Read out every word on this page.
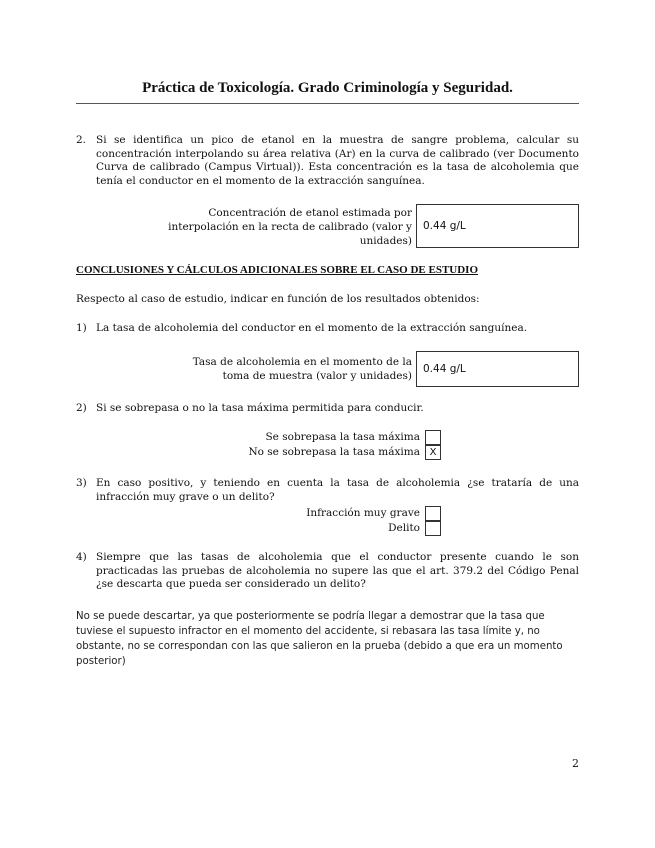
Práctica de Toxicología. Grado Criminología y Seguridad.
2. Si se identifica un pico de etanol en la muestra de sangre problema, calcular su concentración interpolando su área relativa (Ar) en la curva de calibrado (ver Documento Curva de calibrado (Campus Virtual)). Esta concentración es la tasa de alcoholemia que tenía el conductor en el momento de la extracción sanguínea.
Concentración de etanol estimada por
interpolación en la recta de calibrado (valor y
unidades)
0.44 g/L
CONCLUSIONES Y CÁLCULOS ADICIONALES SOBRE EL CASO DE ESTUDIO
Respecto al caso de estudio, indicar en función de los resultados obtenidos:
1) La tasa de alcoholemia del conductor en el momento de la extracción sanguínea.
Tasa de alcoholemia en el momento de la
toma de muestra (valor y unidades)
0.44 g/L
2) Si se sobrepasa o no la tasa máxima permitida para conducir.
Se sobrepasa la tasa máxima
No se sobrepasa la tasa máxima X
3) En caso positivo, y teniendo en cuenta la tasa de alcoholemia ¿se trataría de una infracción muy grave o un delito?
Infracción muy grave
Delito
4) Siempre que las tasas de alcoholemia que el conductor presente cuando le son practicadas las pruebas de alcoholemia no supere las que el art. 379.2 del Código Penal ¿se descarta que pueda ser considerado un delito?
No se puede descartar, ya que posteriormente se podría llegar a demostrar que la tasa que tuviese el supuesto infractor en el momento del accidente, si rebasara las tasa límite y, no obstante, no se correspondan con las que salieron en la prueba (debido a que era un momento posterior)
2
